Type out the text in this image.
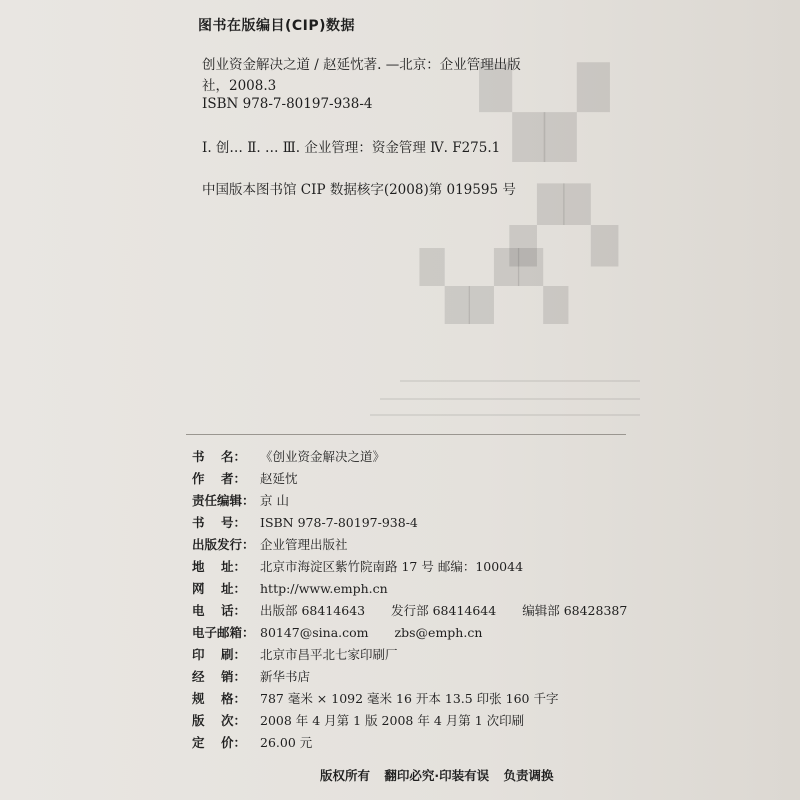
▚▞
▞▚
▚▞▚
图书在版编目(CIP)数据
创业资金解决之道 / 赵延忱著. —北京：企业管理出版
社，2008.3
ISBN 978-7-80197-938-4
Ⅰ. 创… Ⅱ. … Ⅲ. 企业管理：资金管理 Ⅳ. F275.1
中国版本图书馆 CIP 数据核字(2008)第 019595 号
书 名： 《创业资金解决之道》
作 者： 赵延忱
责任编辑： 京 山
书 号： ISBN 978-7-80197-938-4
出版发行： 企业管理出版社
地 址： 北京市海淀区紫竹院南路 17 号 邮编：100044
网 址： http://www.emph.cn
电 话： 出版部 68414643 发行部 68414644 编辑部 68428387
电子邮箱： 80147@sina.com zbs@emph.cn
印 刷： 北京市昌平北七家印刷厂
经 销： 新华书店
规 格： 787 毫米 × 1092 毫米 16 开本 13.5 印张 160 千字
版 次： 2008 年 4 月第 1 版 2008 年 4 月第 1 次印刷
定 价： 26.00 元
版权所有 翻印必究·印装有误 负责调换
